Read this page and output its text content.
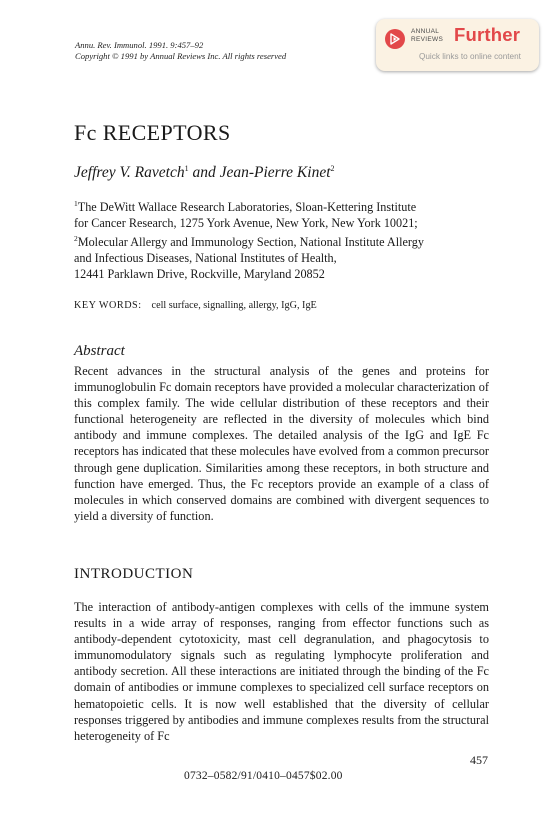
Annu. Rev. Immunol. 1991. 9:457–92
Copyright © 1991 by Annual Reviews Inc. All rights reserved
ANNUAL
REVIEWS Further
Quick links to online content
Fc RECEPTORS
Jeffrey V. Ravetch$^1$ and Jean-Pierre Kinet$^2$
$^1$The DeWitt Wallace Research Laboratories, Sloan-Kettering Institute
for Cancer Research, 1275 York Avenue, New York, New York 10021;
$^2$Molecular Allergy and Immunology Section, National Institute Allergy
and Infectious Diseases, National Institutes of Health,
12441 Parklawn Drive, Rockville, Maryland 20852
KEY WORDS: cell surface, signalling, allergy, IgG, IgE
Abstract

Recent advances in the structural analysis of the genes and proteins for immunoglobulin Fc domain receptors have provided a molecular characterization of this complex family. The wide cellular distribution of these receptors and their functional heterogeneity are reflected in the diversity of molecules which bind antibody and immune complexes. The detailed analysis of the IgG and IgE Fc receptors has indicated that these molecules have evolved from a common precursor through gene duplication. Similarities among these receptors, in both structure and function have emerged. Thus, the Fc receptors provide an example of a class of molecules in which conserved domains are combined with divergent sequences to yield a diversity of function.

INTRODUCTION

The interaction of antibody-antigen complexes with cells of the immune system results in a wide array of responses, ranging from effector functions such as antibody-dependent cytotoxicity, mast cell degranulation, and phagocytosis to immunomodulatory signals such as regulating lymphocyte proliferation and antibody secretion. All these interactions are initiated through the binding of the Fc domain of antibodies or immune complexes to specialized cell surface receptors on hematopoietic cells. It is now well established that the diversity of cellular responses triggered by antibodies and immune complexes results from the structural heterogeneity of Fc

457
0732–0582/91/0410–0457$02.00
